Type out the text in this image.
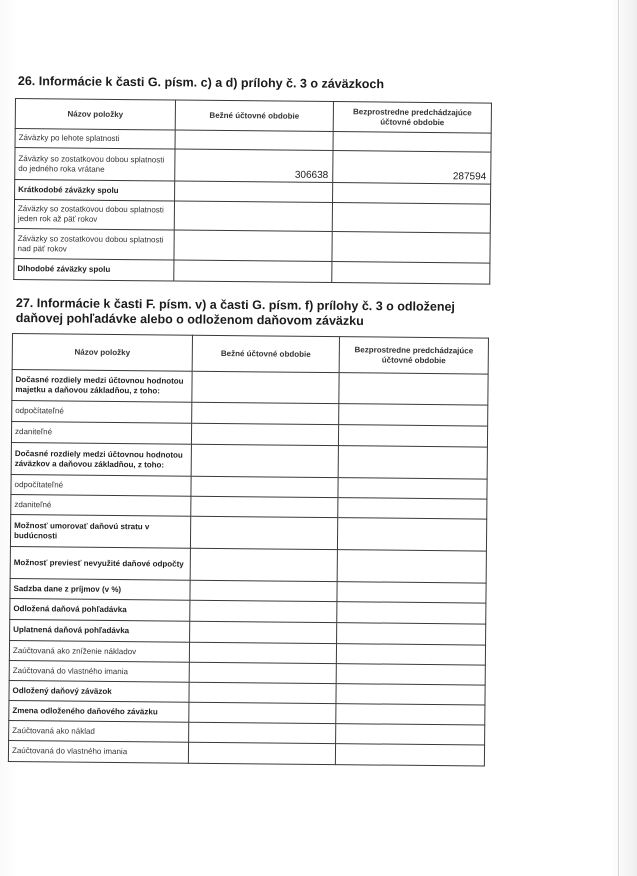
26. Informácie k časti G. písm. c) a d) prílohy č. 3 o záväzkoch

Názov položky	Bežné účtovné obdobie	Bezprostredne predchádzajúce účtovné obdobie
Záväzky po lehote splatnosti		
Záväzky so zostatkovou dobou splatnosti do jedného roka vrátane	306638	287594
Krátkodobé záväzky spolu		
Záväzky so zostatkovou dobou splatnosti jeden rok až päť rokov		
Záväzky so zostatkovou dobou splatnosti nad päť rokov		
Dlhodobé záväzky spolu		

27. Informácie k časti F. písm. v) a časti G. písm. f) prílohy č. 3 o odloženej daňovej pohľadávke alebo o odloženom daňovom záväzku

Názov položky	Bežné účtovné obdobie	Bezprostredne predchádzajúce účtovné obdobie
Dočasné rozdiely medzi účtovnou hodnotou majetku a daňovou základňou, z toho:		
odpočítateľné		
zdaniteľné		
Dočasné rozdiely medzi účtovnou hodnotou záväzkov a daňovou základňou, z toho:		
odpočítateľné		
zdaniteľné		
Možnosť umorovať daňovú stratu v budúcnosti		
Možnosť previesť nevyužité daňové odpočty		
Sadzba dane z príjmov (v %)		
Odložená daňová pohľadávka		
Uplatnená daňová pohľadávka		
Zaúčtovaná ako zníženie nákladov		
Zaúčtovaná do vlastného imania		
Odložený daňový záväzok		
Zmena odloženého daňového záväzku		
Zaúčtovaná ako náklad		
Zaúčtovaná do vlastného imania		
